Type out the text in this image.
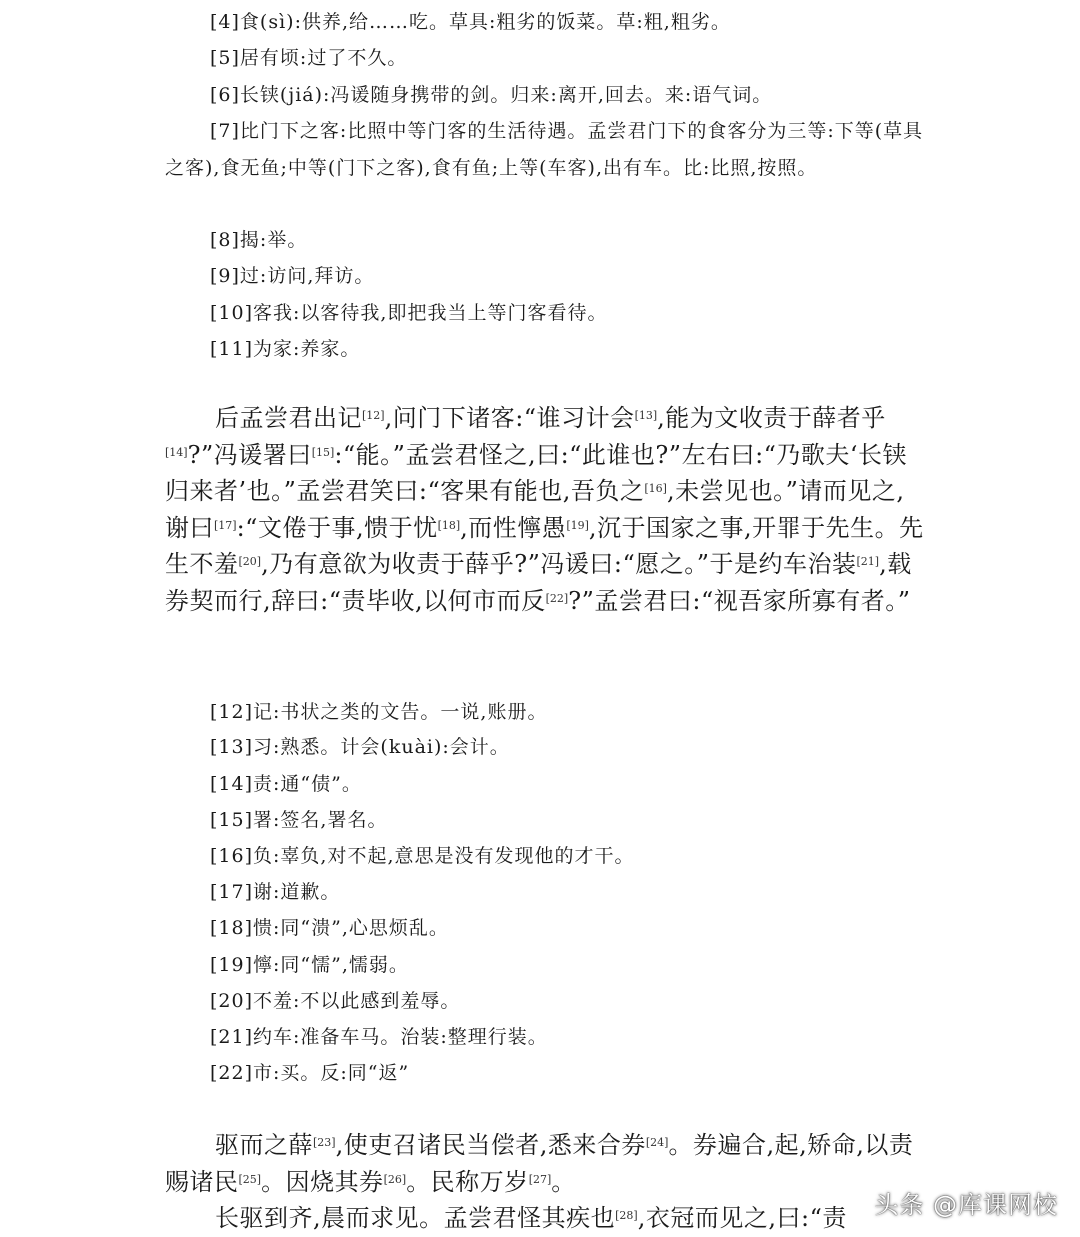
[4]食(sì):供养,给……吃。草具:粗劣的饭菜。草:粗,粗劣。

[5]居有顷:过了不久。

[6]长铗(jiá):冯谖随身携带的剑。归来:离开,回去。来:语气词。

[7]比门下之客:比照中等门客的生活待遇。孟尝君门下的食客分为三等:下等(草具之客),食无鱼;中等(门下之客),食有鱼;上等(车客),出有车。比:比照,按照。

[8]揭:举。

[9]过:访问,拜访。

[10]客我:以客待我,即把我当上等门客看待。

[11]为家:养家。

后孟尝君出记[12],问门下诸客:“谁习计会[13],能为文收责于薛者乎[14]?”冯谖署曰[15]:“能。”孟尝君怪之,曰:“此谁也?”左右曰:“乃歌夫‘长铗归来者’也。”孟尝君笑曰:“客果有能也,吾负之[16],未尝见也。”请而见之,谢曰[17]:“文倦于事,愦于忧[18],而性懧愚[19],沉于国家之事,开罪于先生。先生不羞[20],乃有意欲为收责于薛乎?”冯谖曰:“愿之。”于是约车治装[21],载券契而行,辞曰:“责毕收,以何市而反[22]?”孟尝君曰:“视吾家所寡有者。”

[12]记:书状之类的文告。一说,账册。

[13]习:熟悉。计会(kuài):会计。

[14]责:通“债”。

[15]署:签名,署名。

[16]负:辜负,对不起,意思是没有发现他的才干。

[17]谢:道歉。

[18]愦:同“溃”,心思烦乱。

[19]懧:同“懦”,懦弱。

[20]不羞:不以此感到羞辱。

[21]约车:准备车马。治装:整理行装。

[22]市:买。反:同“返”

驱而之薛[23],使吏召诸民当偿者,悉来合券[24]。券遍合,起,矫命,以责赐诸民[25]。因烧其券[26]。民称万岁[27]。

长驱到齐,晨而求见。孟尝君怪其疾也[28],衣冠而见之,曰:“责	头条 @库课网校
